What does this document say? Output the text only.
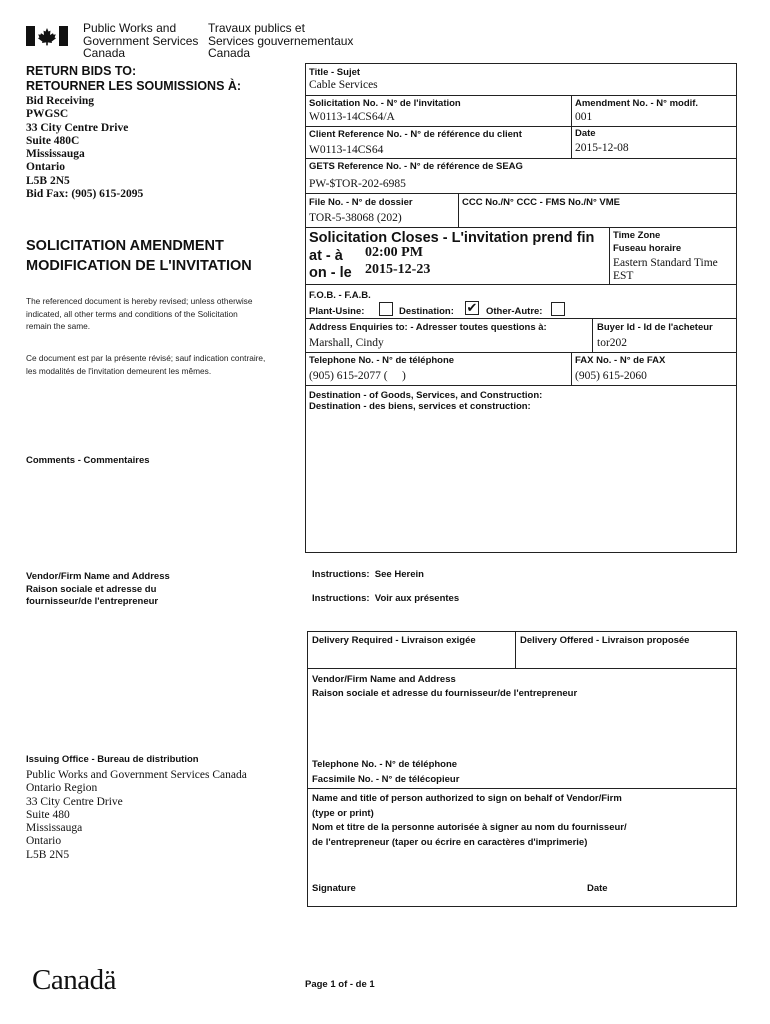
Public Works and
Government Services
Canada
Travaux publics et
Services gouvernementaux
Canada
RETURN BIDS TO:
RETOURNER LES SOUMISSIONS À:
Bid Receiving
PWGSC
33 City Centre Drive
Suite 480C
Mississauga
Ontario
L5B 2N5
Bid Fax: (905) 615-2095
SOLICITATION AMENDMENT
MODIFICATION DE L'INVITATION
The referenced document is hereby revised; unless otherwise
indicated, all other terms and conditions of the Solicitation
remain the same.
Ce document est par la présente révisé; sauf indication contraire,
les modalités de l'invitation demeurent les mêmes.
Comments - Commentaires
Vendor/Firm Name and Address
Raison sociale et adresse du
fournisseur/de l'entrepreneur
Issuing Office - Bureau de distribution
Public Works and Government Services Canada
Ontario Region
33 City Centre Drive
Suite 480
Mississauga
Ontario
L5B 2N5
Title - Sujet
Cable Services
Solicitation No. - N° de l'invitation
W0113-14CS64/A
Amendment No. - N° modif.
001
Client Reference No. - N° de référence du client
W0113-14CS64
Date
2015-12-08
GETS Reference No. - N° de référence de SEAG
PW-$TOR-202-6985
File No. - N° de dossier
TOR-5-38068 (202)
CCC No./N° CCC - FMS No./N° VME
Solicitation Closes - L'invitation prend fin
at - à 02:00 PM
on - le 2015-12-23
Time Zone
Fuseau horaire
Eastern Standard Time
EST
F.O.B. - F.A.B.
Plant-Usine:	Destination: ✔ Other-Autre:
Address Enquiries to: - Adresser toutes questions à:
Marshall, Cindy
Buyer Id - Id de l'acheteur
tor202
Telephone No. - N° de téléphone
(905) 615-2077 (     )
FAX No. - N° de FAX
(905) 615-2060
Destination - of Goods, Services, and Construction:
Destination - des biens, services et construction:
Instructions:  See Herein
Instructions:  Voir aux présentes
Delivery Required - Livraison exigée	Delivery Offered - Livraison proposée
Vendor/Firm Name and Address
Raison sociale et adresse du fournisseur/de l'entrepreneur
Telephone No. - N° de téléphone
Facsimile No. - N° de télécopieur
Name and title of person authorized to sign on behalf of Vendor/Firm
(type or print)
Nom et titre de la personne autorisée à signer au nom du fournisseur/
de l'entrepreneur (taper ou écrire en caractères d'imprimerie)
Signature	Date
Canadä	Page 1 of - de 1
